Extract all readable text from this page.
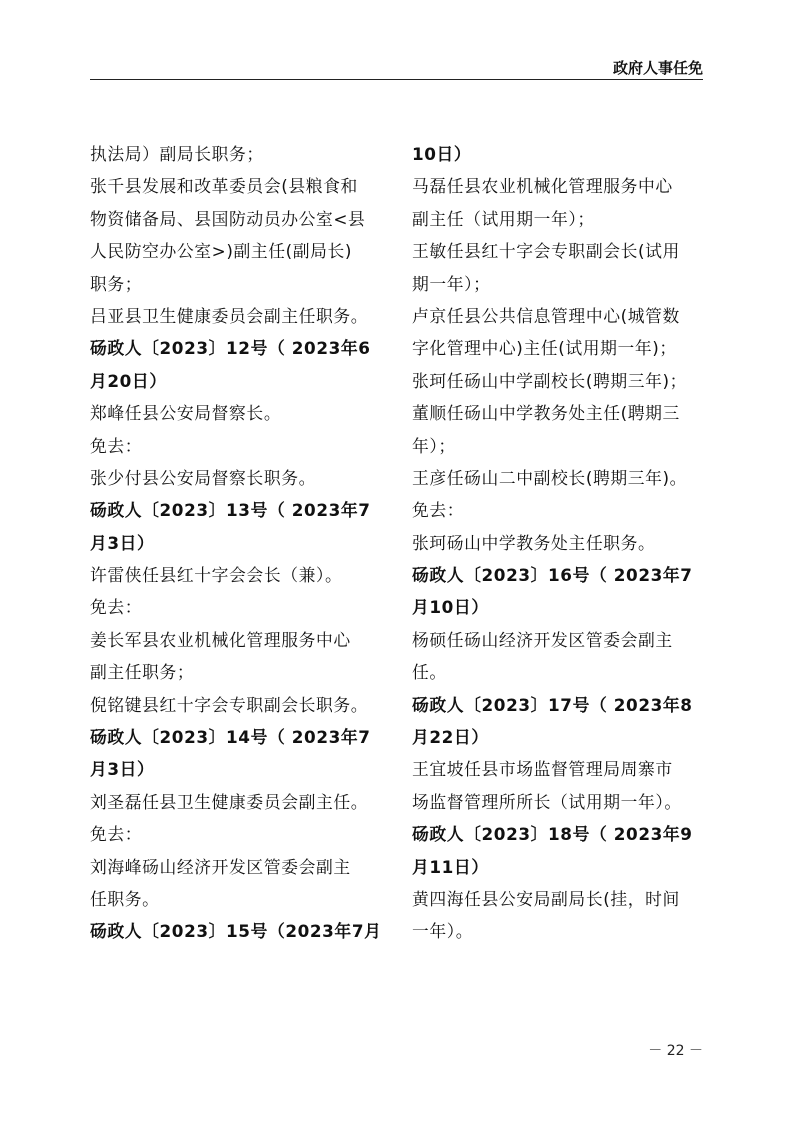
政府人事任免
执法局）副局长职务；
张千县发展和改革委员会(县粮食和
物资储备局、县国防动员办公室<县
人民防空办公室>)副主任(副局长)
职务；
吕亚县卫生健康委员会副主任职务。
砀政人〔2023〕12号（ 2023年6
月20日）
郑峰任县公安局督察长。
免去：
张少付县公安局督察长职务。
砀政人〔2023〕13号（ 2023年7
月3日）
许雷侠任县红十字会会长（兼）。
免去：
姜长军县农业机械化管理服务中心
副主任职务；
倪铭键县红十字会专职副会长职务。
砀政人〔2023〕14号（ 2023年7
月3日）
刘圣磊任县卫生健康委员会副主任。
免去：
刘海峰砀山经济开发区管委会副主
任职务。
砀政人〔2023〕15号（2023年7月
10日）
马磊任县农业机械化管理服务中心
副主任（试用期一年）；
王敏任县红十字会专职副会长(试用
期一年）；
卢京任县公共信息管理中心(城管数
字化管理中心)主任(试用期一年)；
张珂任砀山中学副校长(聘期三年)；
董顺任砀山中学教务处主任(聘期三
年）；
王彦任砀山二中副校长(聘期三年)。
免去：
张珂砀山中学教务处主任职务。
砀政人〔2023〕16号（ 2023年7
月10日）
杨硕任砀山经济开发区管委会副主
任。
砀政人〔2023〕17号（ 2023年8
月22日）
王宜坡任县市场监督管理局周寨市
场监督管理所所长（试用期一年）。
砀政人〔2023〕18号（ 2023年9
月11日）
黄四海任县公安局副局长(挂，时间
一年）。
－ 22 －
